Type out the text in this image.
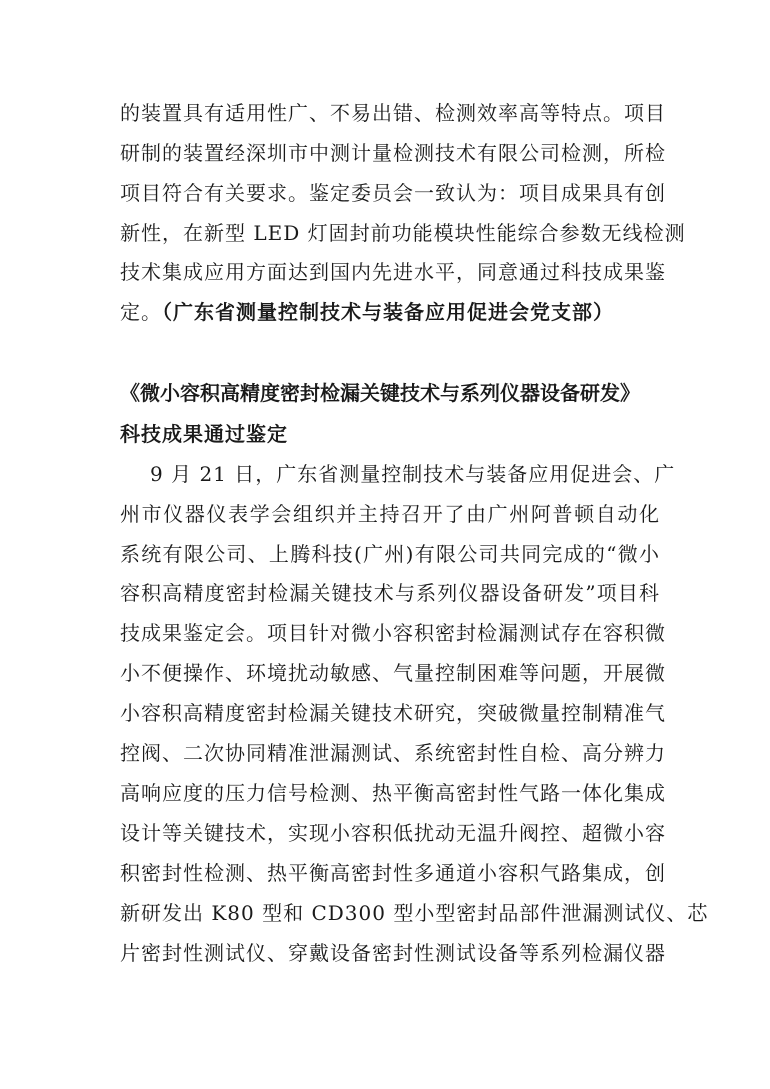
的装置具有适用性广、不易出错、检测效率高等特点。项目
研制的装置经深圳市中测计量检测技术有限公司检测，所检
项目符合有关要求。鉴定委员会一致认为：项目成果具有创
新性，在新型 LED 灯固封前功能模块性能综合参数无线检测
技术集成应用方面达到国内先进水平，同意通过科技成果鉴
定。（广东省测量控制技术与装备应用促进会党支部）
《微小容积高精度密封检漏关键技术与系列仪器设备研发》
科技成果通过鉴定
9 月 21 日，广东省测量控制技术与装备应用促进会、广
州市仪器仪表学会组织并主持召开了由广州阿普顿自动化
系统有限公司、上腾科技(广州)有限公司共同完成的“微小
容积高精度密封检漏关键技术与系列仪器设备研发”项目科
技成果鉴定会。项目针对微小容积密封检漏测试存在容积微
小不便操作、环境扰动敏感、气量控制困难等问题，开展微
小容积高精度密封检漏关键技术研究，突破微量控制精准气
控阀、二次协同精准泄漏测试、系统密封性自检、高分辨力
高响应度的压力信号检测、热平衡高密封性气路一体化集成
设计等关键技术，实现小容积低扰动无温升阀控、超微小容
积密封性检测、热平衡高密封性多通道小容积气路集成，创
新研发出 K80 型和 CD300 型小型密封品部件泄漏测试仪、芯
片密封性测试仪、穿戴设备密封性测试设备等系列检漏仪器
